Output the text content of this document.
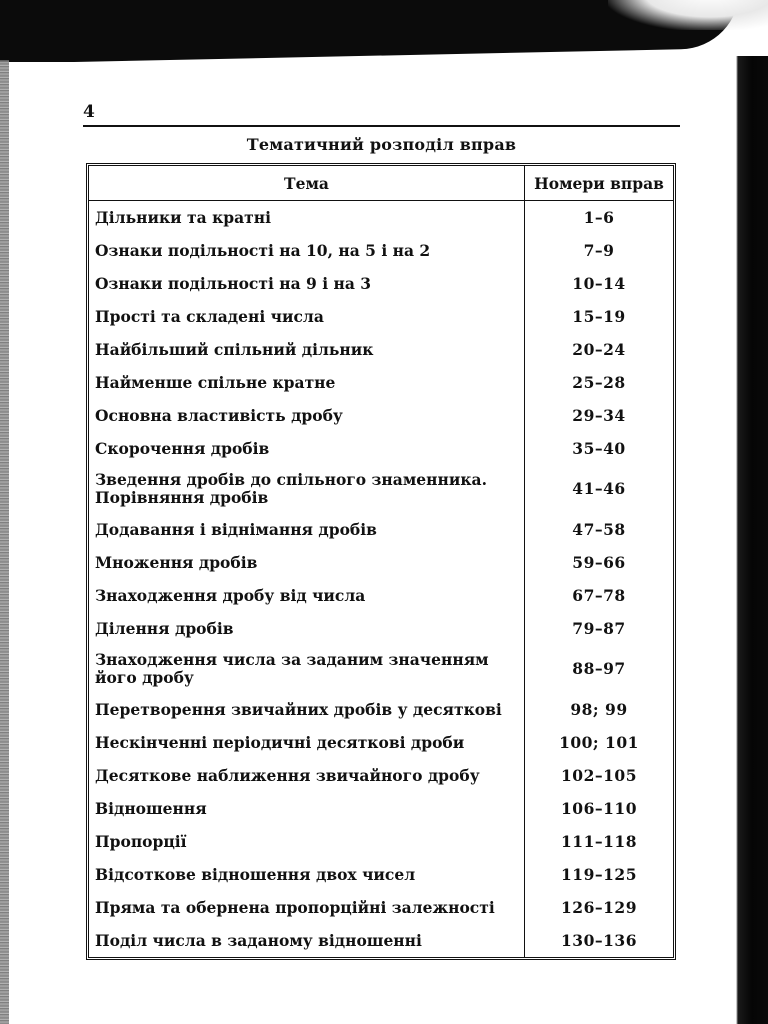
4
Тематичний розподіл вправ
Тема	Номери вправ

Дільники та кратні	1–6

Ознаки подільності на 10, на 5 і на 2	7–9

Ознаки подільності на 9 і на 3	10–14

Прості та складені числа	15–19

Найбільший спільний дільник	20–24

Найменше спільне кратне	25–28

Основна властивість дробу	29–34

Скорочення дробів	35–40

Зведення дробів до спільного знаменника.
Порівняння дробів	41–46

Додавання і віднімання дробів	47–58

Множення дробів	59–66

Знаходження дробу від числа	67–78

Ділення дробів	79–87

Знаходження числа за заданим значенням
його дробу	88–97

Перетворення звичайних дробів у десяткові	98; 99

Нескінченні періодичні десяткові дроби	100; 101

Десяткове наближення звичайного дробу	102–105

Відношення	106–110

Пропорції	111–118

Відсоткове відношення двох чисел	119–125

Пряма та обернена пропорційні залежності	126–129

Поділ числа в заданому відношенні	130–136
